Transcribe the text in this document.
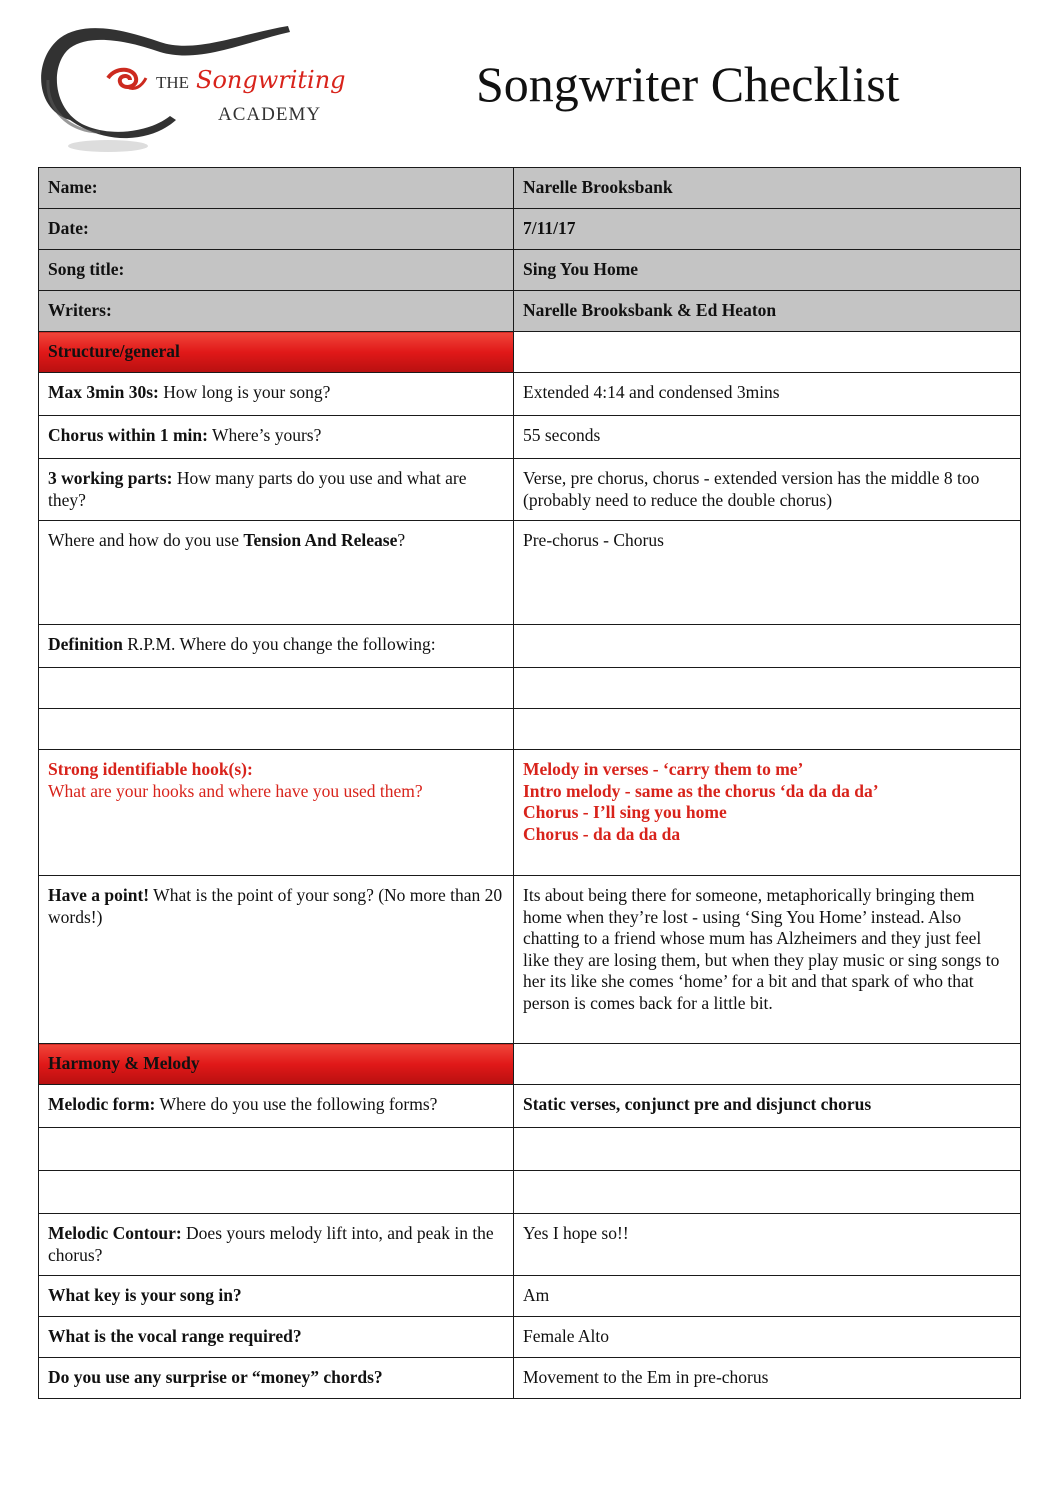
THE Songwriting
ACADEMY
Songwriter Checklist
Name:	Narelle Brooksbank
Date:	7/11/17
Song title:	Sing You Home
Writers:	Narelle Brooksbank & Ed Heaton
Structure/general	
Max 3min 30s: How long is your song?	Extended 4:14 and condensed 3mins
Chorus within 1 min: Where’s yours?	55 seconds
3 working parts: How many parts do you use and what are they?	Verse, pre chorus, chorus - extended version has the middle 8 too (probably need to reduce the double chorus)
Where and how do you use Tension And Release?	Pre-chorus - Chorus
Definition R.P.M. Where do you change the following:	

Strong identifiable hook(s):
What are your hooks and where have you used them?	Melody in verses - ‘carry them to me’
Intro melody - same as the chorus ‘da da da da’
Chorus - I’ll sing you home
Chorus - da da da da

Have a point! What is the point of your song? (No more than 20 words!)	Its about being there for someone, metaphorically bringing them home when they’re lost - using ‘Sing You Home’ instead. Also chatting to a friend whose mum has Alzheimers and they just feel like they are losing them, but when they play music or sing songs to her its like she comes ‘home’ for a bit and that spark of who that person is comes back for a little bit.
Harmony & Melody	
Melodic form: Where do you use the following forms?	Static verses, conjunct pre and disjunct chorus

Melodic Contour: Does yours melody lift into, and peak in the chorus?	Yes I hope so!!
What key is your song in?	Am
What is the vocal range required?	Female Alto
Do you use any surprise or “money” chords?	Movement to the Em in pre-chorus
